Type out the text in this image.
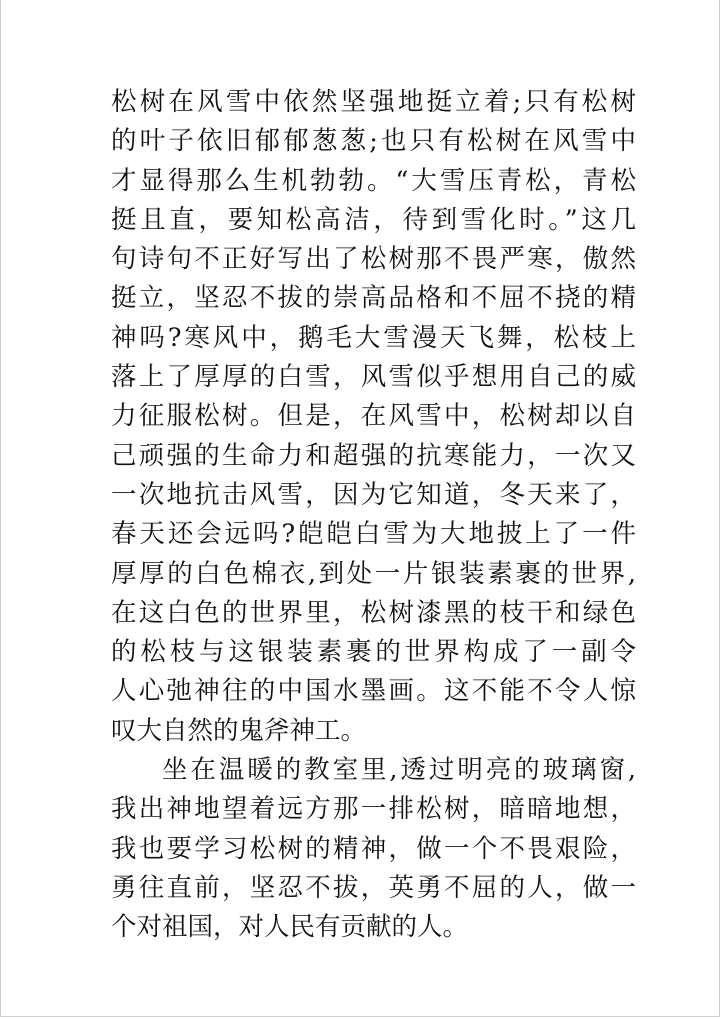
松树在风雪中依然坚强地挺立着;只有松树
的叶子依旧郁郁葱葱;也只有松树在风雪中
才显得那么生机勃勃。“大雪压青松，青松
挺且直，要知松高洁，待到雪化时。”这几
句诗句不正好写出了松树那不畏严寒，傲然
挺立，坚忍不拔的崇高品格和不屈不挠的精
神吗?寒风中，鹅毛大雪漫天飞舞，松枝上
落上了厚厚的白雪，风雪似乎想用自己的威
力征服松树。但是，在风雪中，松树却以自
己顽强的生命力和超强的抗寒能力，一次又
一次地抗击风雪，因为它知道，冬天来了，
春天还会远吗?皑皑白雪为大地披上了一件
厚厚的白色棉衣,到处一片银装素裹的世界,
在这白色的世界里，松树漆黑的枝干和绿色
的松枝与这银装素裹的世界构成了一副令
人心弛神往的中国水墨画。这不能不令人惊
叹大自然的鬼斧神工。
坐在温暖的教室里,透过明亮的玻璃窗,
我出神地望着远方那一排松树，暗暗地想，
我也要学习松树的精神，做一个不畏艰险，
勇往直前，坚忍不拔，英勇不屈的人，做一
个对祖国，对人民有贡献的人。
